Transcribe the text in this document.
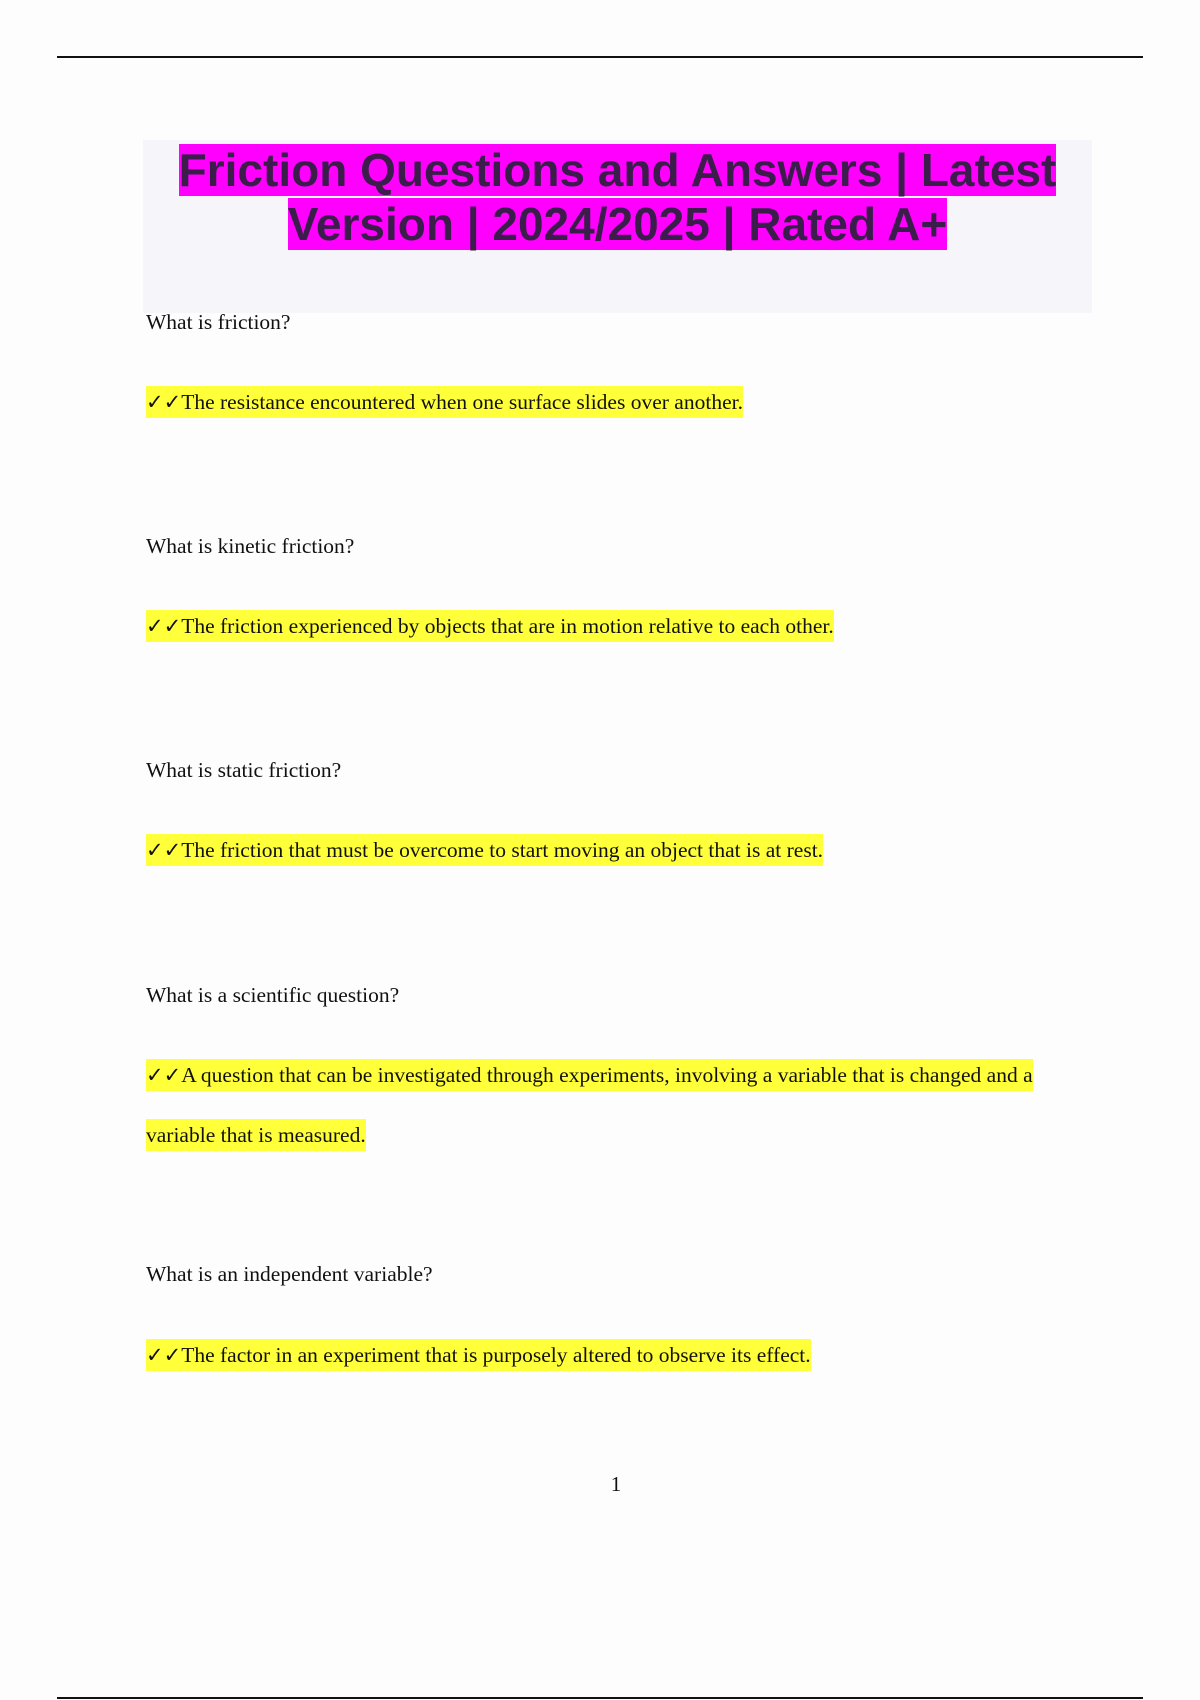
Friction Questions and Answers | Latest Version | 2024/2025 | Rated A+

What is friction?

✓✓The resistance encountered when one surface slides over another.

What is kinetic friction?

✓✓The friction experienced by objects that are in motion relative to each other.

What is static friction?

✓✓The friction that must be overcome to start moving an object that is at rest.

What is a scientific question?

✓✓A question that can be investigated through experiments, involving a variable that is changed and a variable that is measured.

What is an independent variable?

✓✓The factor in an experiment that is purposely altered to observe its effect.

1
